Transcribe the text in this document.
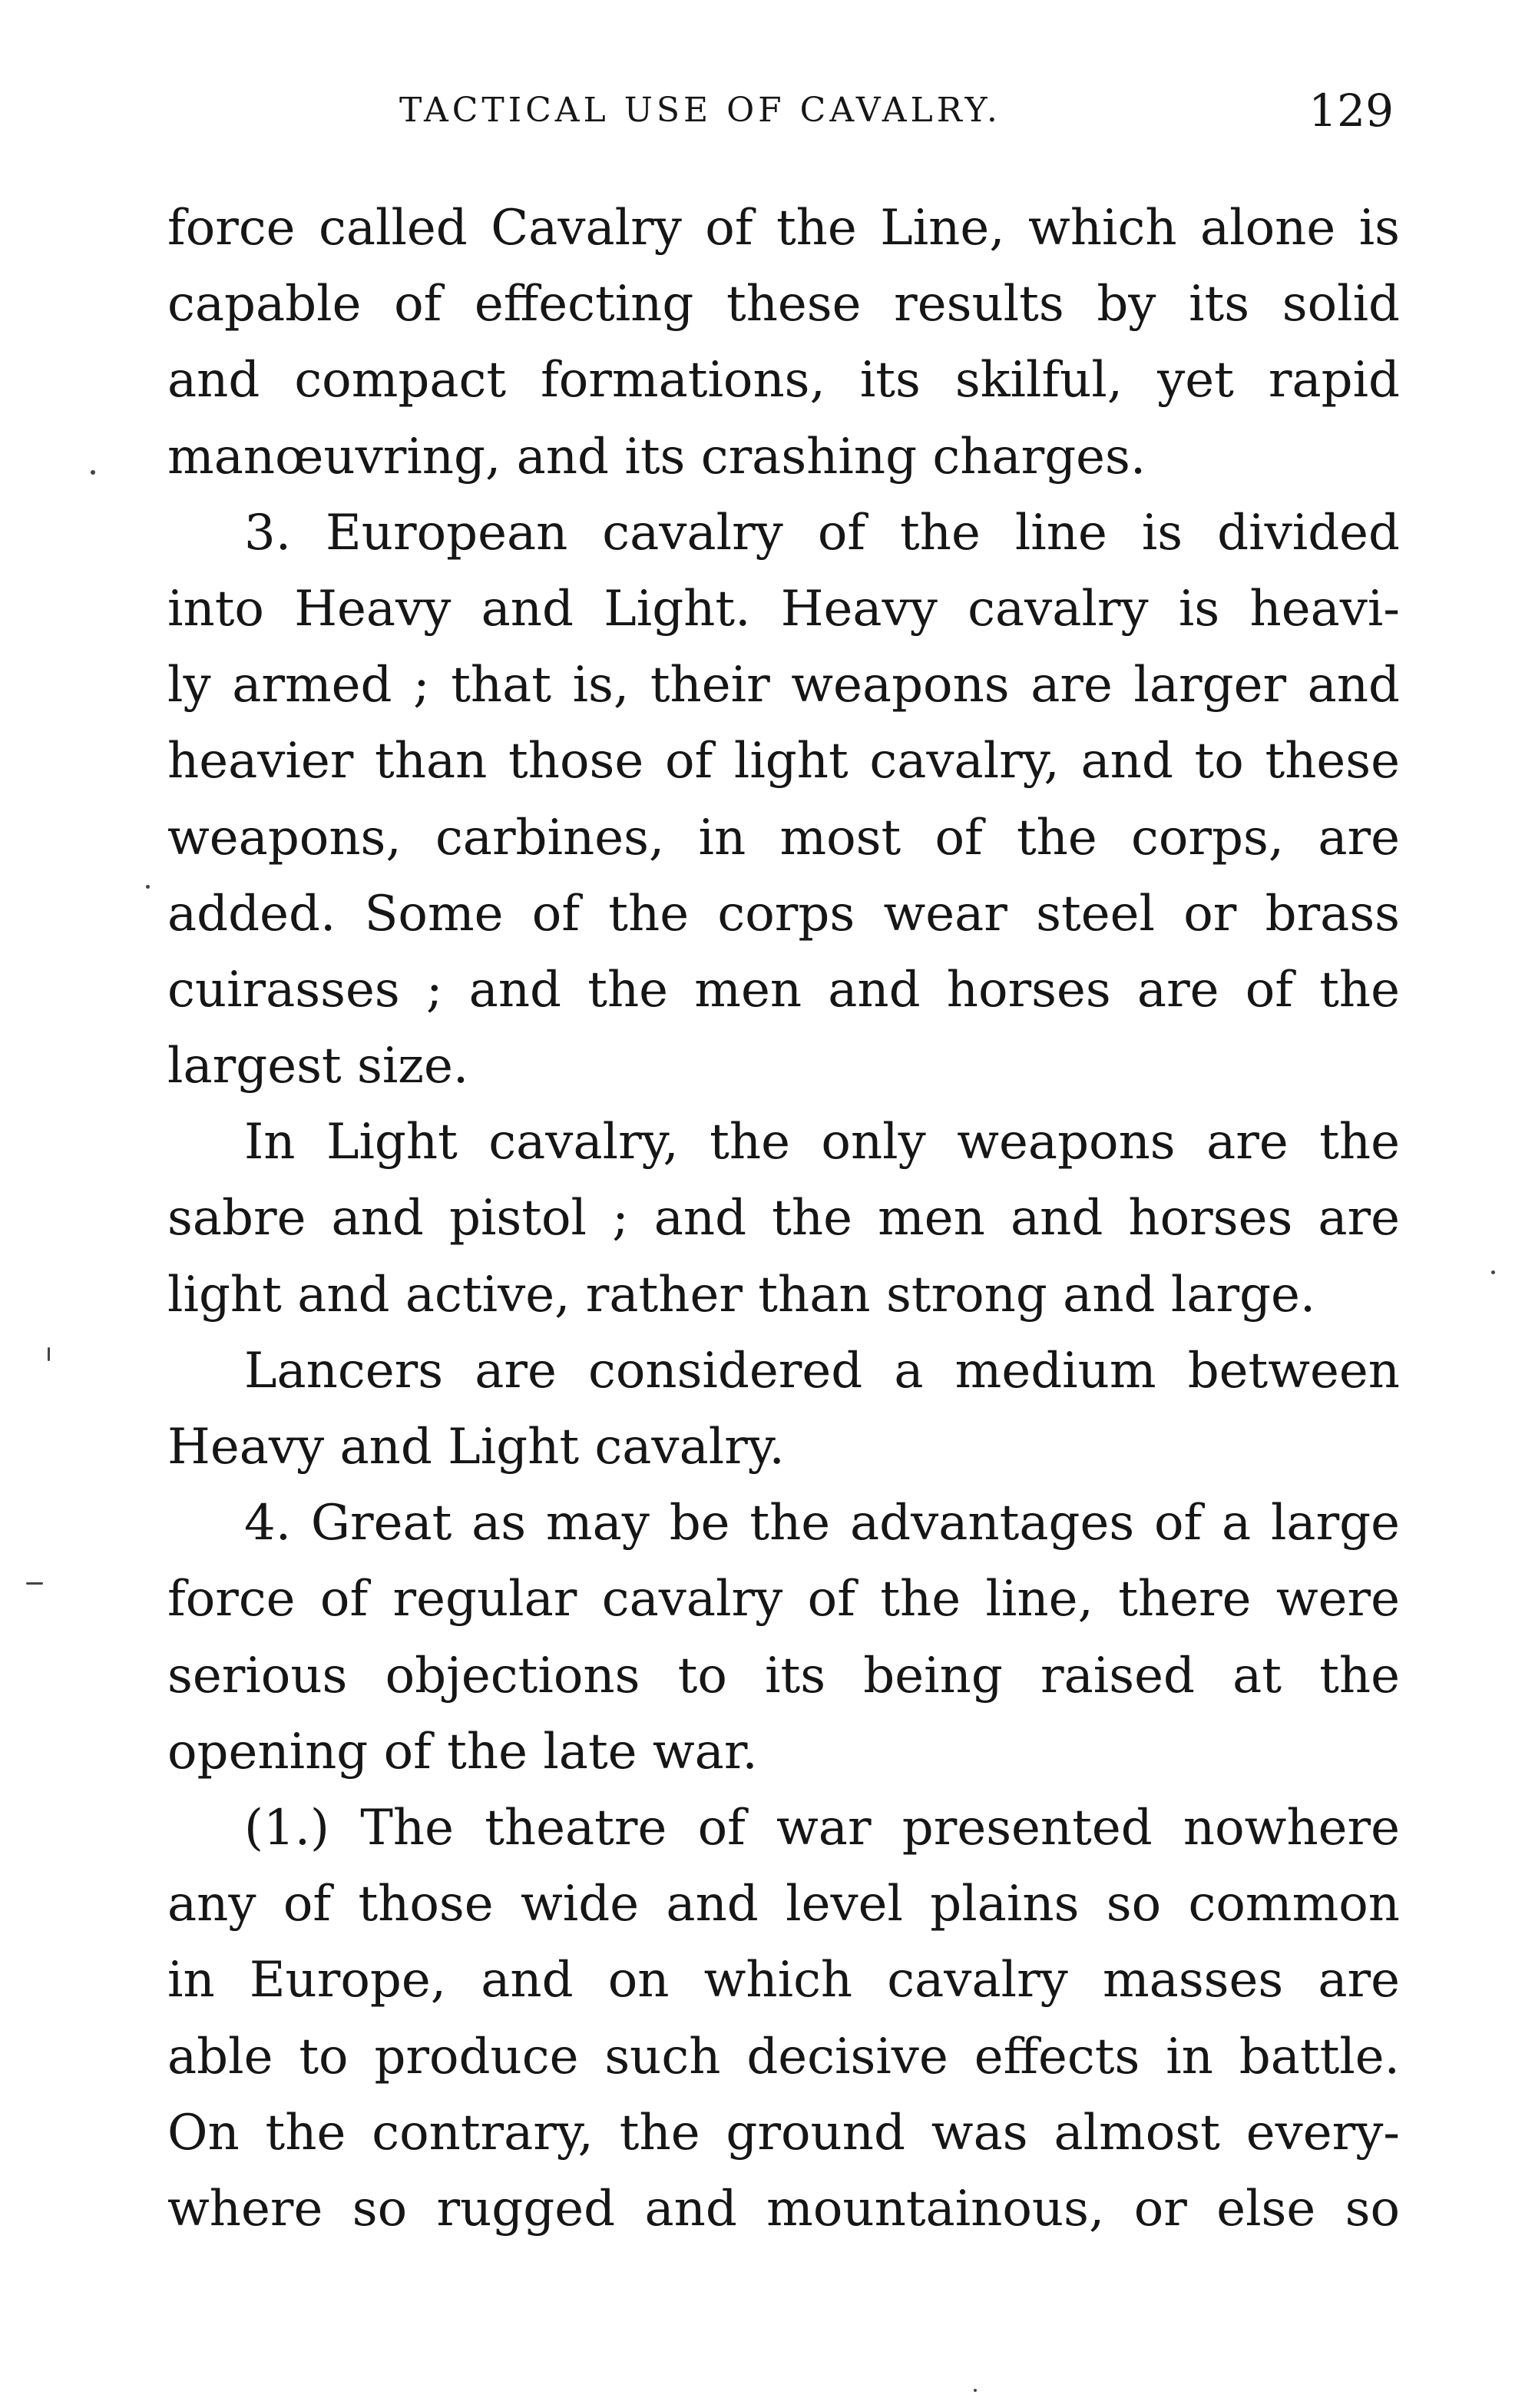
TACTICAL USE OF CAVALRY.	129
force called Cavalry of the Line, which alone is
capable of effecting these results by its solid
and compact formations, its skilful, yet rapid
manœuvring, and its crashing charges.
3. European cavalry of the line is divided
into Heavy and Light. Heavy cavalry is heavi-
ly armed ; that is, their weapons are larger and
heavier than those of light cavalry, and to these
weapons, carbines, in most of the corps, are
added. Some of the corps wear steel or brass
cuirasses ; and the men and horses are of the
largest size.
In Light cavalry, the only weapons are the
sabre and pistol ; and the men and horses are
light and active, rather than strong and large.
Lancers are considered a medium between
Heavy and Light cavalry.
4. Great as may be the advantages of a large
force of regular cavalry of the line, there were
serious objections to its being raised at the
opening of the late war.
(1.) The theatre of war presented nowhere
any of those wide and level plains so common
in Europe, and on which cavalry masses are
able to produce such decisive effects in battle.
On the contrary, the ground was almost every-
where so rugged and mountainous, or else so
